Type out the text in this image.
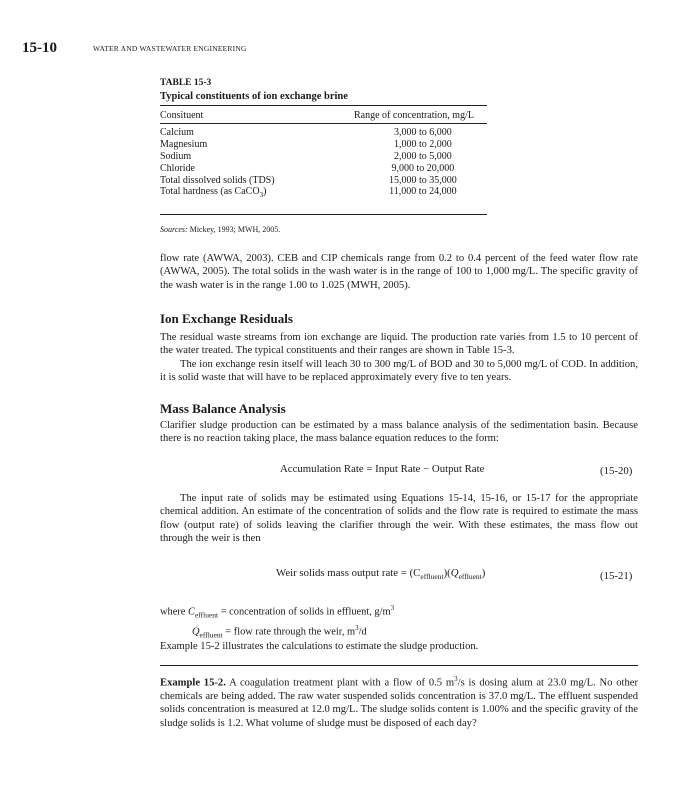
15-10	WATER AND WASTEWATER ENGINEERING
TABLE 15-3
Typical constituents of ion exchange brine
Consituent	Range of concentration, mg/L
Calcium	3,000 to 6,000
Magnesium	1,000 to 2,000
Sodium	2,000 to 5,000
Chloride	9,000 to 20,000
Total dissolved solids (TDS)	15,000 to 35,000
Total hardness (as CaCO$_3$)	11,000 to 24,000
Sources: Mickey, 1993; MWH, 2005.

flow rate (AWWA, 2003). CEB and CIP chemicals range from 0.2 to 0.4 percent of the feed water flow rate (AWWA, 2005). The total solids in the wash water is in the range of 100 to 1,000 mg/L. The specific gravity of the wash water is in the range 1.00 to 1.025 (MWH, 2005).

Ion Exchange Residuals

The residual waste streams from ion exchange are liquid. The production rate varies from 1.5 to 10 percent of the water treated. The typical constituents and their ranges are shown in Table 15-3.

The ion exchange resin itself will leach 30 to 300 mg/L of BOD and 30 to 5,000 mg/L of COD. In addition, it is solid waste that will have to be replaced approximately every five to ten years.

Mass Balance Analysis

Clarifier sludge production can be estimated by a mass balance analysis of the sedimentation basin. Because there is no reaction taking place, the mass balance equation reduces to the form:

Accumulation Rate = Input Rate − Output Rate	(15-20)

The input rate of solids may be estimated using Equations 15-14, 15-16, or 15-17 for the appropriate chemical addition. An estimate of the concentration of solids and the flow rate is required to estimate the mass flow (output rate) of solids leaving the clarifier through the weir. With these estimates, the mass flow out through the weir is then

Weir solids mass output rate = $(C_{effluent})(Q_{effluent})$	(15-21)
where $C_{effluent}$ = concentration of solids in effluent, $g/m^3$
$Q_{effluent}$ = flow rate through the weir, $m^3/d$

Example 15-2 illustrates the calculations to estimate the sludge production.

Example 15-2. A coagulation treatment plant with a flow of 0.5 $m^3/s$ is dosing alum at 23.0 mg/L. No other chemicals are being added. The raw water suspended solids concentration is 37.0 mg/L. The effluent suspended solids concentration is measured at 12.0 mg/L. The sludge solids content is 1.00% and the specific gravity of the sludge solids is 1.2. What volume of sludge must be disposed of each day?
